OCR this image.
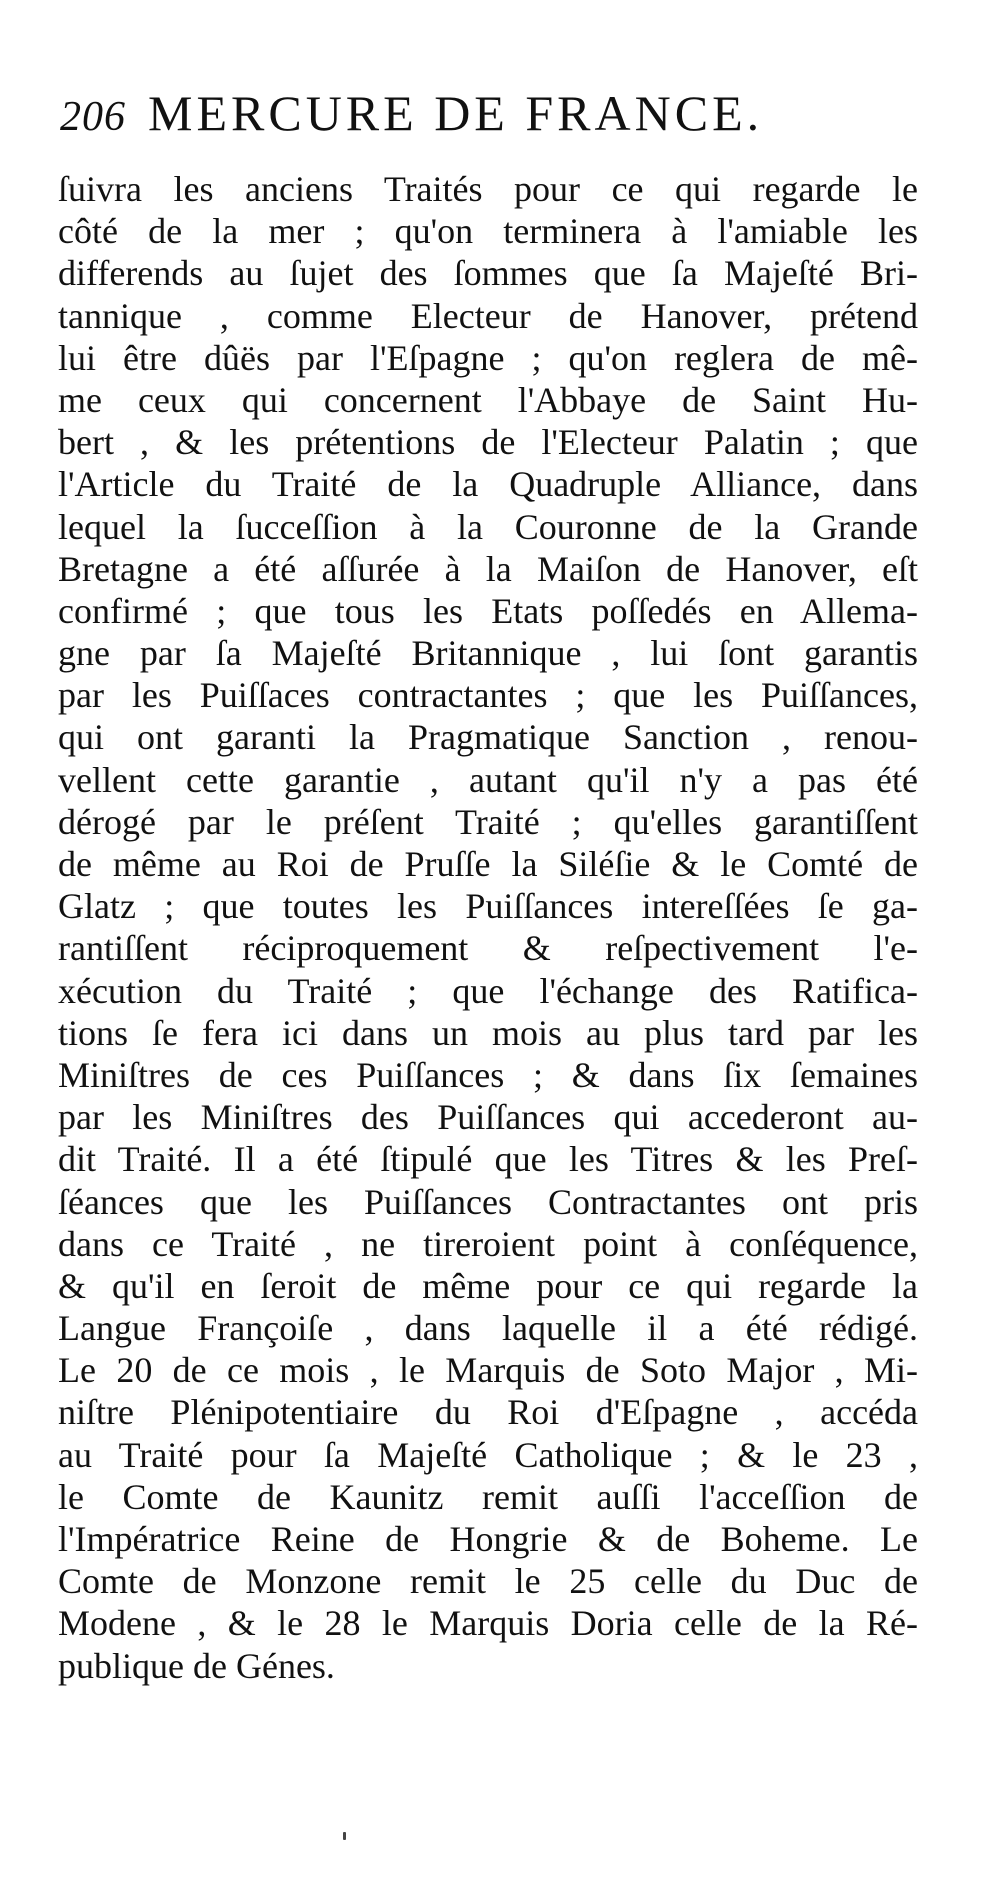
206 MERCURE DE FRANCE.
ſuivra les anciens Traités pour ce qui regarde le
côté de la mer ; qu'on terminera à l'amiable les
differends au ſujet des ſommes que ſa Majeſté Bri-
tannique , comme Electeur de Hanover, prétend
lui être dûës par l'Eſpagne ; qu'on reglera de mê-
me ceux qui concernent l'Abbaye de Saint Hu-
bert , & les prétentions de l'Electeur Palatin ; que
l'Article du Traité de la Quadruple Alliance, dans
lequel la ſucceſſion à la Couronne de la Grande
Bretagne a été aſſurée à la Maiſon de Hanover, eſt
confirmé ; que tous les Etats poſſedés en Allema-
gne par ſa Majeſté Britannique , lui ſont garantis
par les Puiſſaces contractantes ; que les Puiſſances,
qui ont garanti la Pragmatique Sanction , renou-
vellent cette garantie , autant qu'il n'y a pas été
dérogé par le préſent Traité ; qu'elles garantiſſent
de même au Roi de Pruſſe la Siléſie & le Comté de
Glatz ; que toutes les Puiſſances intereſſées ſe ga-
rantiſſent réciproquement & reſpectivement l'e-
xécution du Traité ; que l'échange des Ratifica-
tions ſe fera ici dans un mois au plus tard par les
Miniſtres de ces Puiſſances ; & dans ſix ſemaines
par les Miniſtres des Puiſſances qui accederont au-
dit Traité. Il a été ſtipulé que les Titres & les Preſ-
ſéances que les Puiſſances Contractantes ont pris
dans ce Traité , ne tireroient point à conſéquence,
& qu'il en ſeroit de même pour ce qui regarde la
Langue Françoiſe , dans laquelle il a été rédigé.
Le 20 de ce mois , le Marquis de Soto Major , Mi-
niſtre Plénipotentiaire du Roi d'Eſpagne , accéda
au Traité pour ſa Majeſté Catholique ; & le 23 ,
le Comte de Kaunitz remit auſſi l'acceſſion de
l'Impératrice Reine de Hongrie & de Boheme. Le
Comte de Monzone remit le 25 celle du Duc de
Modene , & le 28 le Marquis Doria celle de la Ré-
publique de Génes.
